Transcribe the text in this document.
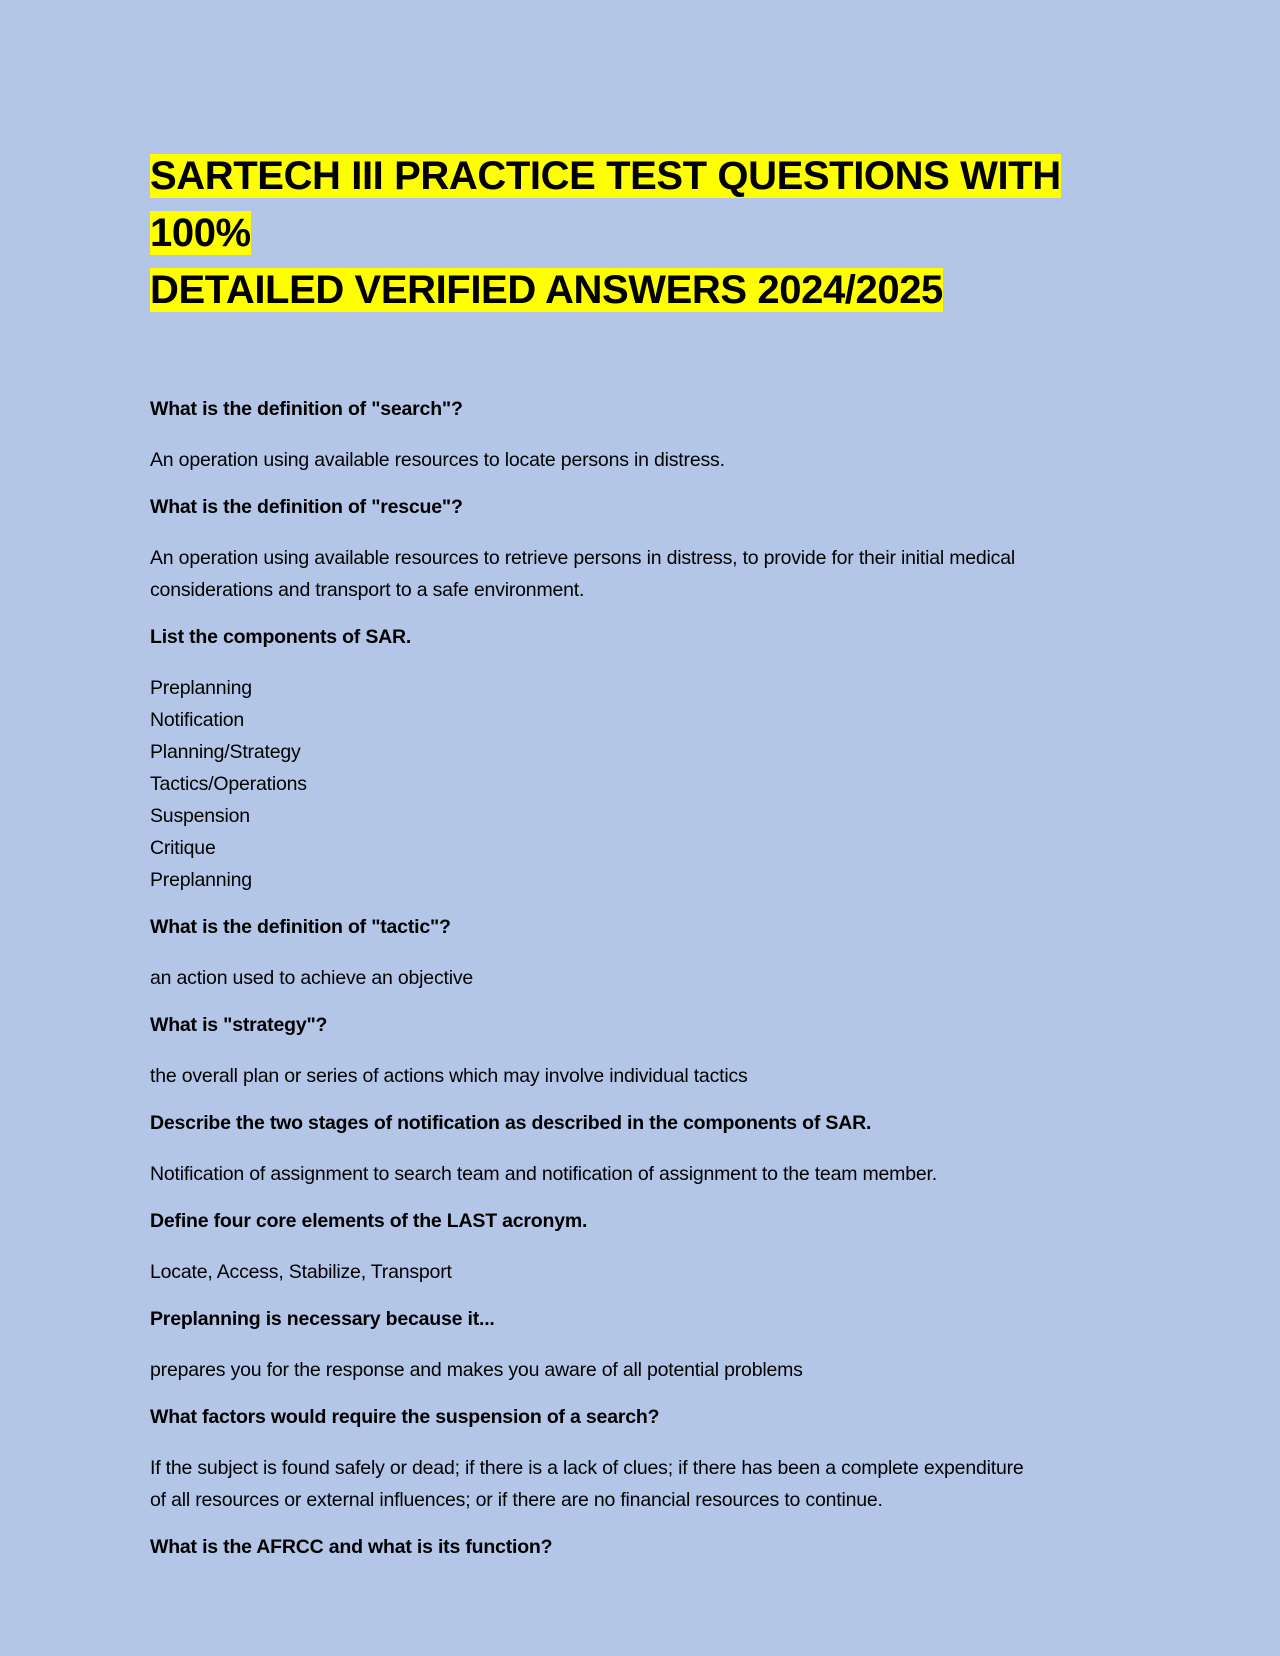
SARTECH III PRACTICE TEST QUESTIONS WITH 100%
DETAILED VERIFIED ANSWERS 2024/2025
What is the definition of "search"?
An operation using available resources to locate persons in distress.
What is the definition of "rescue"?
An operation using available resources to retrieve persons in distress, to provide for their initial medical
considerations and transport to a safe environment.
List the components of SAR.
Preplanning
Notification
Planning/Strategy
Tactics/Operations
Suspension
Critique
Preplanning
What is the definition of "tactic"?
an action used to achieve an objective
What is "strategy"?
the overall plan or series of actions which may involve individual tactics
Describe the two stages of notification as described in the components of SAR.
Notification of assignment to search team and notification of assignment to the team member.
Define four core elements of the LAST acronym.
Locate, Access, Stabilize, Transport
Preplanning is necessary because it...
prepares you for the response and makes you aware of all potential problems
What factors would require the suspension of a search?
If the subject is found safely or dead; if there is a lack of clues; if there has been a complete expenditure
of all resources or external influences; or if there are no financial resources to continue.
What is the AFRCC and what is its function?
